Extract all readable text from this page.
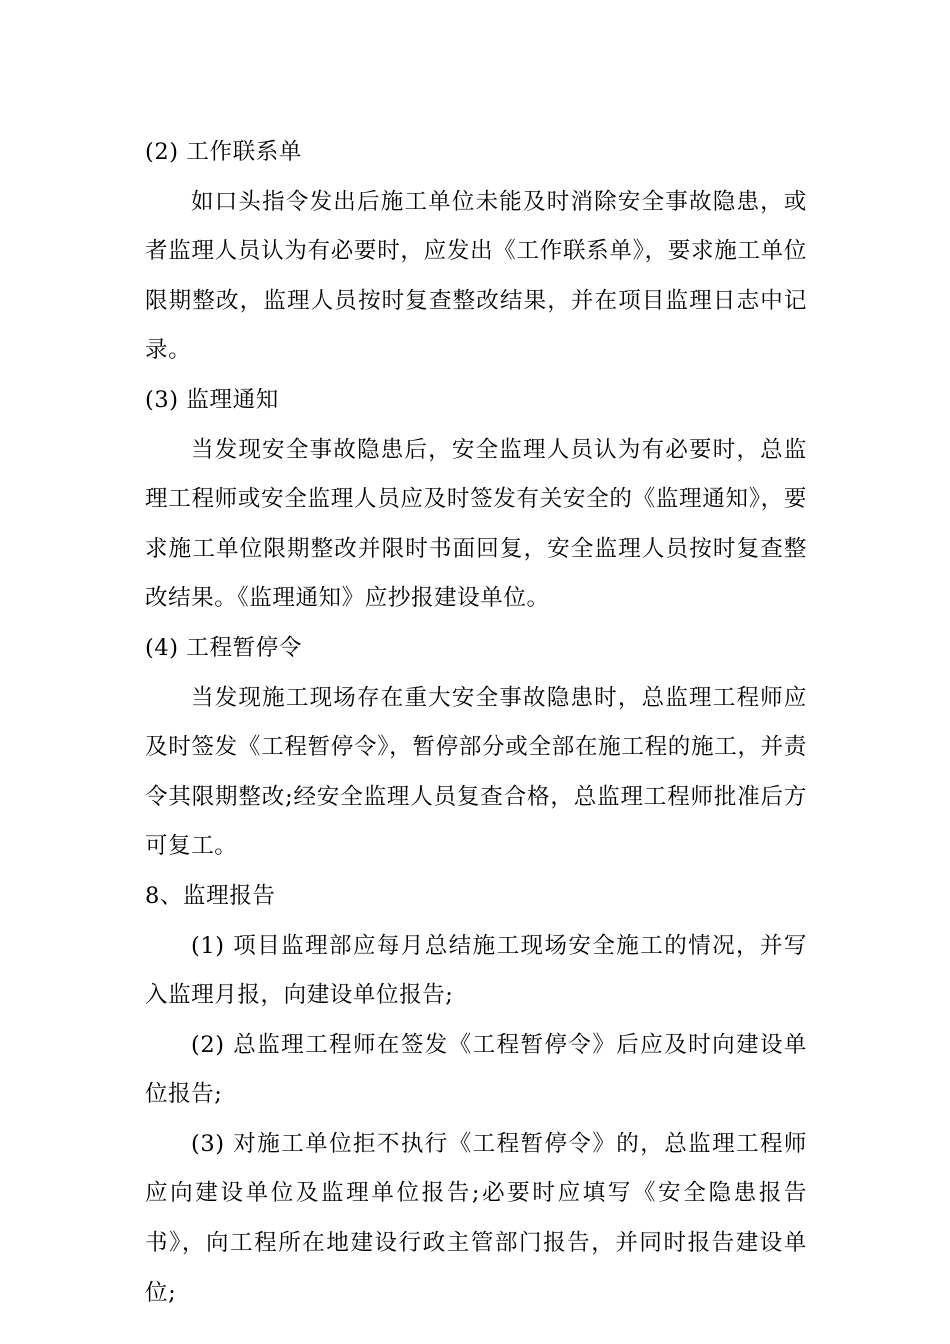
(2) 工作联系单

如口头指令发出后施工单位未能及时消除安全事故隐患，或者监理人员认为有必要时，应发出《工作联系单》，要求施工单位限期整改，监理人员按时复查整改结果，并在项目监理日志中记录。

(3) 监理通知

当发现安全事故隐患后，安全监理人员认为有必要时，总监理工程师或安全监理人员应及时签发有关安全的《监理通知》，要求施工单位限期整改并限时书面回复，安全监理人员按时复查整改结果。《监理通知》应抄报建设单位。

(4) 工程暂停令

当发现施工现场存在重大安全事故隐患时，总监理工程师应及时签发《工程暂停令》，暂停部分或全部在施工程的施工，并责令其限期整改;经安全监理人员复查合格，总监理工程师批准后方可复工。

8、监理报告

(1) 项目监理部应每月总结施工现场安全施工的情况，并写入监理月报，向建设单位报告;

(2) 总监理工程师在签发《工程暂停令》后应及时向建设单位报告;

(3) 对施工单位拒不执行《工程暂停令》的，总监理工程师应向建设单位及监理单位报告;必要时应填写《安全隐患报告书》，向工程所在地建设行政主管部门报告，并同时报告建设单位;
